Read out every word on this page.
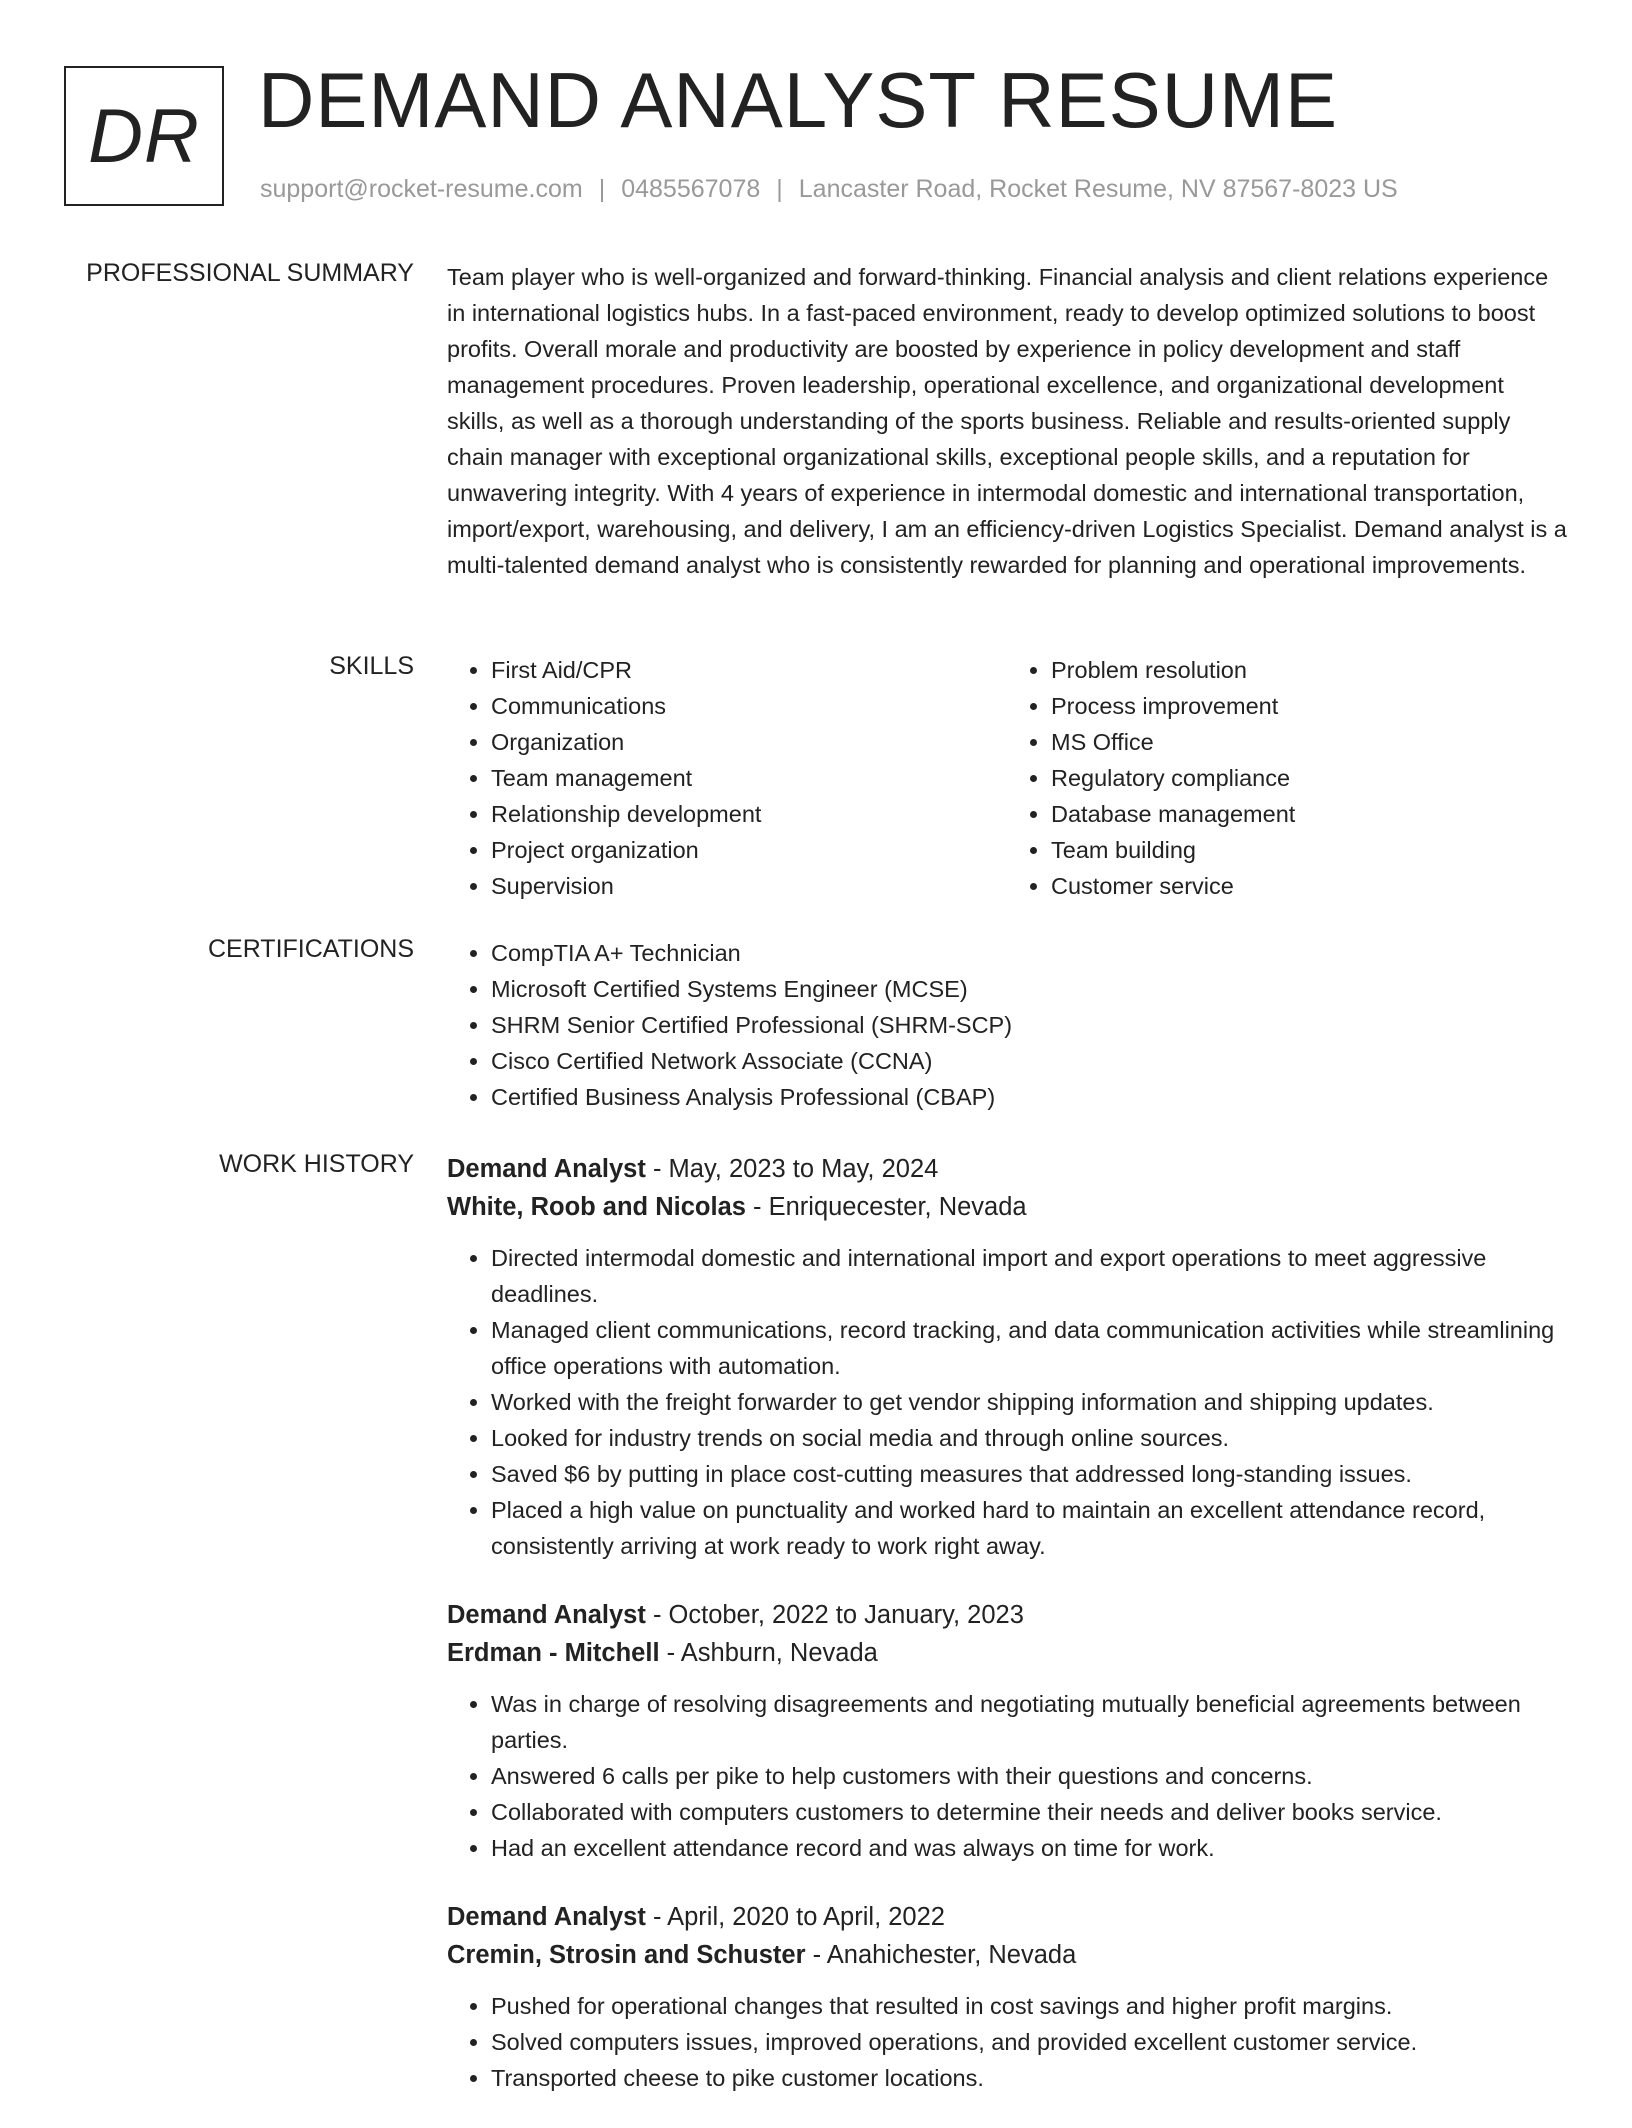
DR DEMAND ANALYST RESUME
support@rocket-resume.com | 0485567078 | Lancaster Road, Rocket Resume, NV 87567-8023 US
PROFESSIONAL SUMMARY Team player who is well-organized and forward-thinking. Financial analysis and client relations experience in international logistics hubs. In a fast-paced environment, ready to develop optimized solutions to boost profits. Overall morale and productivity are boosted by experience in policy development and staff management procedures. Proven leadership, operational excellence, and organizational development skills, as well as a thorough understanding of the sports business. Reliable and results-oriented supply chain manager with exceptional organizational skills, exceptional people skills, and a reputation for unwavering integrity. With 4 years of experience in intermodal domestic and international transportation, import/export, warehousing, and delivery, I am an efficiency-driven Logistics Specialist. Demand analyst is a multi-talented demand analyst who is consistently rewarded for planning and operational improvements.

SKILLS	• First Aid/CPR
• Communications
• Organization
• Team management
• Relationship development
• Project organization
• Supervision
• Problem resolution
• Process improvement
• MS Office
• Regulatory compliance
• Database management
• Team building
• Customer service
CERTIFICATIONS	• CompTIA A+ Technician
• Microsoft Certified Systems Engineer (MCSE)
• SHRM Senior Certified Professional (SHRM-SCP)
• Cisco Certified Network Associate (CCNA)
• Certified Business Analysis Professional (CBAP)
WORK HISTORY Demand Analyst - May, 2023 to May, 2024
White, Roob and Nicolas - Enriquecester, Nevada
• Directed intermodal domestic and international import and export operations to meet aggressive deadlines.
• Managed client communications, record tracking, and data communication activities while streamlining office operations with automation.
• Worked with the freight forwarder to get vendor shipping information and shipping updates.
• Looked for industry trends on social media and through online sources.
• Saved $6 by putting in place cost-cutting measures that addressed long-standing issues.
• Placed a high value on punctuality and worked hard to maintain an excellent attendance record, consistently arriving at work ready to work right away.
Demand Analyst - October, 2022 to January, 2023
Erdman - Mitchell - Ashburn, Nevada
• Was in charge of resolving disagreements and negotiating mutually beneficial agreements between parties.
• Answered 6 calls per pike to help customers with their questions and concerns.
• Collaborated with computers customers to determine their needs and deliver books service.
• Had an excellent attendance record and was always on time for work.
Demand Analyst - April, 2020 to April, 2022
Cremin, Strosin and Schuster - Anahichester, Nevada
• Pushed for operational changes that resulted in cost savings and higher profit margins.
• Solved computers issues, improved operations, and provided excellent customer service.
• Transported cheese to pike customer locations.
